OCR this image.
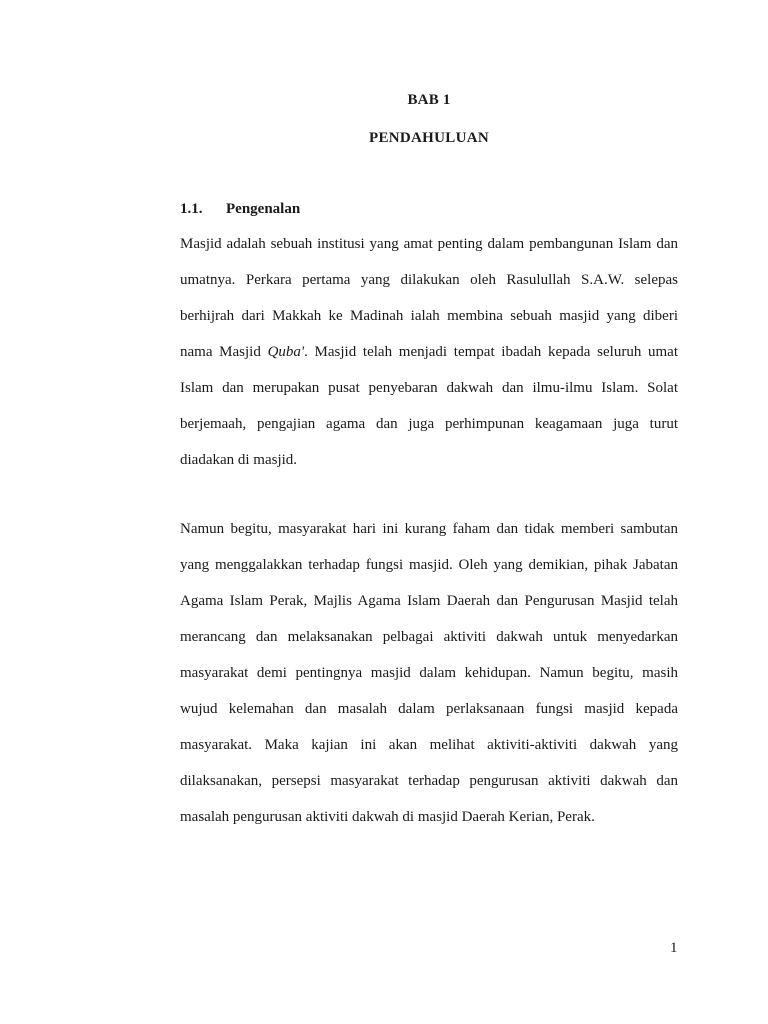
BAB 1
PENDAHULUAN
1.1. Pengenalan
Masjid adalah sebuah institusi yang amat penting dalam pembangunan Islam dan
umatnya. Perkara pertama yang dilakukan oleh Rasulullah S.A.W. selepas
berhijrah dari Makkah ke Madinah ialah membina sebuah masjid yang diberi
nama Masjid Quba'. Masjid telah menjadi tempat ibadah kepada seluruh umat
Islam dan merupakan pusat penyebaran dakwah dan ilmu-ilmu Islam. Solat
berjemaah, pengajian agama dan juga perhimpunan keagamaan juga turut
diadakan di masjid.
Namun begitu, masyarakat hari ini kurang faham dan tidak memberi sambutan
yang menggalakkan terhadap fungsi masjid. Oleh yang demikian, pihak Jabatan
Agama Islam Perak, Majlis Agama Islam Daerah dan Pengurusan Masjid telah
merancang dan melaksanakan pelbagai aktiviti dakwah untuk menyedarkan
masyarakat demi pentingnya masjid dalam kehidupan. Namun begitu, masih
wujud kelemahan dan masalah dalam perlaksanaan fungsi masjid kepada
masyarakat. Maka kajian ini akan melihat aktiviti-aktiviti dakwah yang
dilaksanakan, persepsi masyarakat terhadap pengurusan aktiviti dakwah dan
masalah pengurusan aktiviti dakwah di masjid Daerah Kerian, Perak.
1
